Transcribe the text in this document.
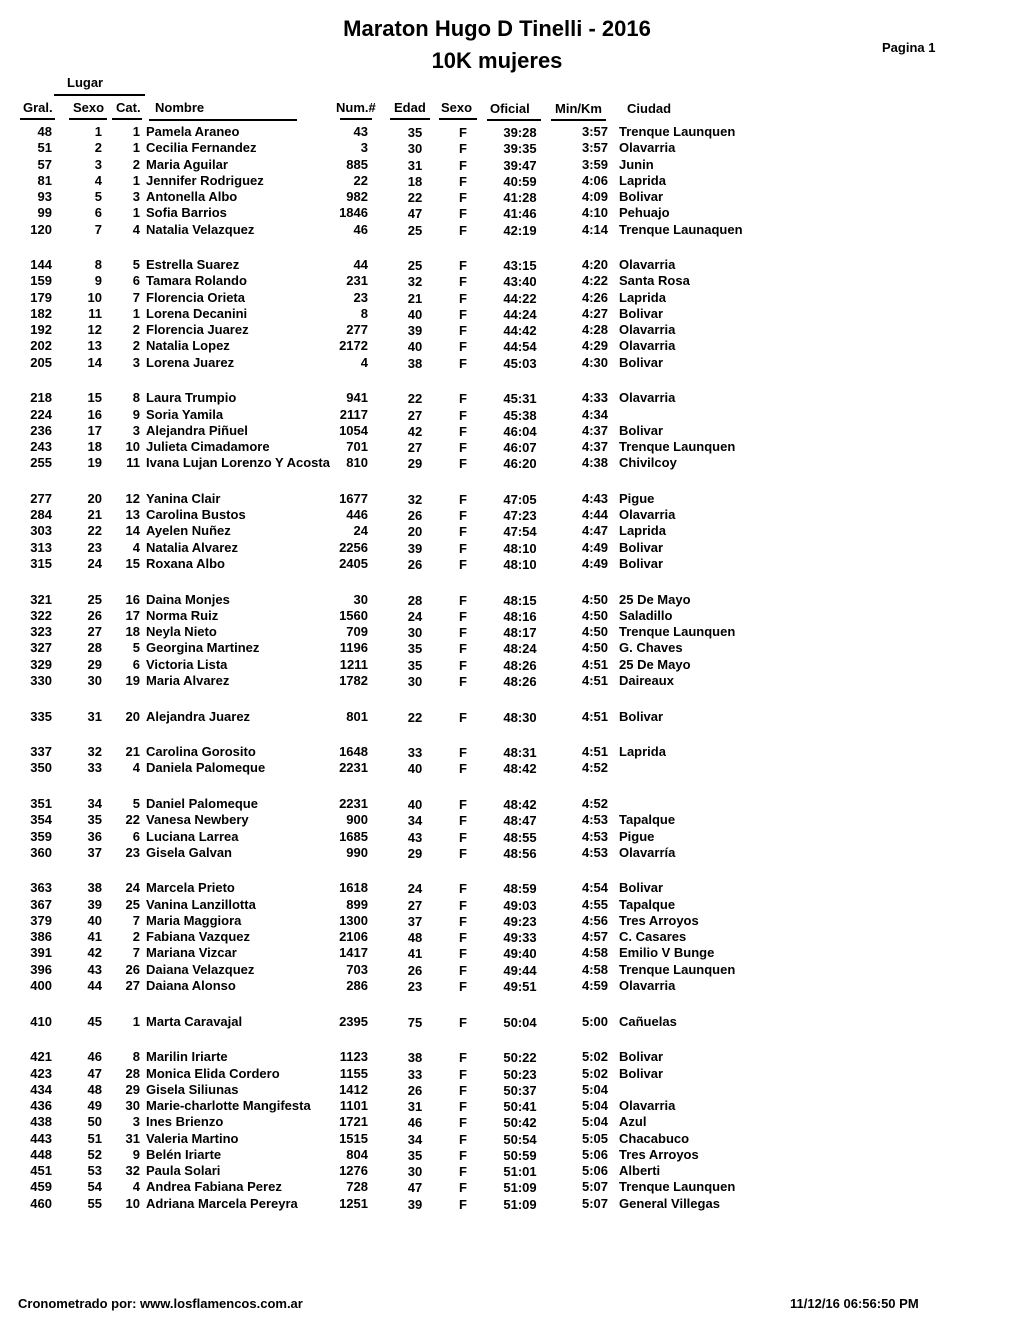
Maraton Hugo D Tinelli - 2016
10K mujeres
Pagina 1
Lugar
Gral. Sexo Cat. Nombre	Num.# Edad Sexo Oficial Min/Km Ciudad
48	1	1 Pamela Araneo	43	35	F	39:28	3:57 Trenque Launquen
51	2	1 Cecilia Fernandez	3	30	F	39:35	3:57 Olavarria
57	3	2 Maria Aguilar	885	31	F	39:47	3:59 Junin
81	4	1 Jennifer Rodriguez	22	18	F	40:59	4:06 Laprida
93	5	3 Antonella Albo	982	22	F	41:28	4:09 Bolivar
99	6	1 Sofia Barrios	1846	47	F	41:46	4:10 Pehuajo
120	7	4 Natalia Velazquez	46	25	F	42:19	4:14 Trenque Launaquen
144	8	5 Estrella Suarez	44	25	F	43:15	4:20 Olavarria
159	9	6 Tamara Rolando	231	32	F	43:40	4:22 Santa Rosa
179	10	7 Florencia Orieta	23	21	F	44:22	4:26 Laprida
182	11	1 Lorena Decanini	8	40	F	44:24	4:27 Bolivar
192	12	2 Florencia Juarez	277	39	F	44:42	4:28 Olavarria
202	13	2 Natalia Lopez	2172	40	F	44:54	4:29 Olavarria
205	14	3 Lorena Juarez	4	38	F	45:03	4:30 Bolivar
218	15	8 Laura Trumpio	941	22	F	45:31	4:33 Olavarria
224	16	9 Soria Yamila	2117	27	F	45:38	4:34
236	17	3 Alejandra Piñuel	1054	42	F	46:04	4:37 Bolivar
243	18	10 Julieta Cimadamore	701	27	F	46:07	4:37 Trenque Launquen
255	19	11 Ivana Lujan Lorenzo Y Acosta	810	29	F	46:20	4:38 Chivilcoy
277	20	12 Yanina Clair	1677	32	F	47:05	4:43 Pigue
284	21	13 Carolina Bustos	446	26	F	47:23	4:44 Olavarria
303	22	14 Ayelen Nuñez	24	20	F	47:54	4:47 Laprida
313	23	4 Natalia Alvarez	2256	39	F	48:10	4:49 Bolivar
315	24	15 Roxana Albo	2405	26	F	48:10	4:49 Bolivar
321	25	16 Daina Monjes	30	28	F	48:15	4:50 25 De Mayo
322	26	17 Norma Ruiz	1560	24	F	48:16	4:50 Saladillo
323	27	18 Neyla Nieto	709	30	F	48:17	4:50 Trenque Launquen
327	28	5 Georgina Martinez	1196	35	F	48:24	4:50 G. Chaves
329	29	6 Victoria Lista	1211	35	F	48:26	4:51 25 De Mayo
330	30	19 Maria Alvarez	1782	30	F	48:26	4:51 Daireaux
335	31	20 Alejandra Juarez	801	22	F	48:30	4:51 Bolivar
337	32	21 Carolina Gorosito	1648	33	F	48:31	4:51 Laprida
350	33	4 Daniela Palomeque	2231	40	F	48:42	4:52
351	34	5 Daniel Palomeque	2231	40	F	48:42	4:52
354	35	22 Vanesa Newbery	900	34	F	48:47	4:53 Tapalque
359	36	6 Luciana Larrea	1685	43	F	48:55	4:53 Pigue
360	37	23 Gisela Galvan	990	29	F	48:56	4:53 Olavarría
363	38	24 Marcela Prieto	1618	24	F	48:59	4:54 Bolivar
367	39	25 Vanina Lanzillotta	899	27	F	49:03	4:55 Tapalque
379	40	7 Maria Maggiora	1300	37	F	49:23	4:56 Tres Arroyos
386	41	2 Fabiana Vazquez	2106	48	F	49:33	4:57 C. Casares
391	42	7 Mariana Vizcar	1417	41	F	49:40	4:58 Emilio V Bunge
396	43	26 Daiana Velazquez	703	26	F	49:44	4:58 Trenque Launquen
400	44	27 Daiana Alonso	286	23	F	49:51	4:59 Olavarria
410	45	1 Marta Caravajal	2395	75	F	50:04	5:00 Cañuelas
421	46	8 Marilin Iriarte	1123	38	F	50:22	5:02 Bolivar
423	47	28 Monica Elida Cordero	1155	33	F	50:23	5:02 Bolivar
434	48	29 Gisela Siliunas	1412	26	F	50:37	5:04
436	49	30 Marie-charlotte Mangifesta	1101	31	F	50:41	5:04 Olavarria
438	50	3 Ines Brienzo	1721	46	F	50:42	5:04 Azul
443	51	31 Valeria Martino	1515	34	F	50:54	5:05 Chacabuco
448	52	9 Belén Iriarte	804	35	F	50:59	5:06 Tres Arroyos
451	53	32 Paula Solari	1276	30	F	51:01	5:06 Alberti
459	54	4 Andrea Fabiana Perez	728	47	F	51:09	5:07 Trenque Launquen
460	55	10 Adriana Marcela Pereyra	1251	39	F	51:09	5:07 General Villegas
Cronometrado por: www.losflamencos.com.ar	11/12/16 06:56:50 PM
